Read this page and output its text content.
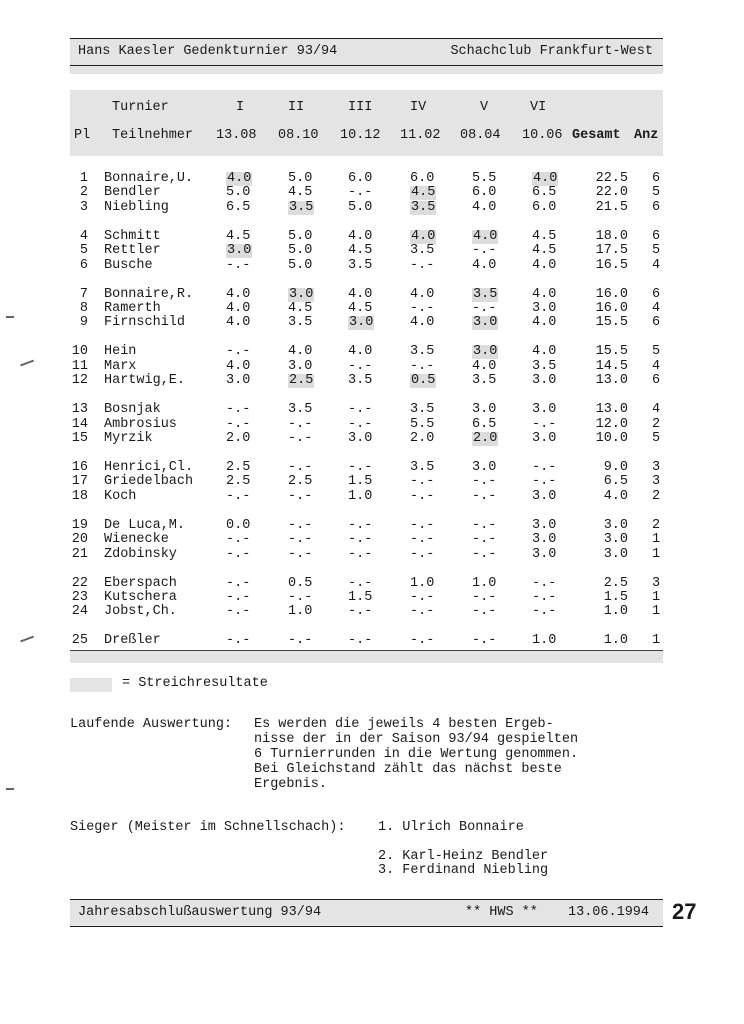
Hans Kaesler Gedenkturnier 93/94	Schachclub Frankfurt-West
Turnier	I	II	III	IV	V	VI
Pl Teilnehmer 13.08 08.10 10.12 11.02 08.04 10.06 Gesamt Anz
1 Bonnaire,U.	4.0	5.0	6.0	6.0	5.5	4.0	22.5 6
2 Bendler	5.0	4.5	-.-	4.5	6.0	6.5	22.0 5
3 Niebling	6.5	3.5	5.0	3.5	4.0	6.0	21.5 6
4 Schmitt	4.5	5.0	4.0	4.0	4.0	4.5	18.0 6
5 Rettler	3.0	5.0	4.5	3.5	-.-	4.5	17.5 5
6 Busche	-.-	5.0	3.5	-.-	4.0	4.0	16.5 4
7 Bonnaire,R. 4.0	3.0	4.0	4.0	3.5	4.0	16.0 6
8 Ramerth	4.0	4.5	4.5	-.-	-.-	3.0	16.0 4
9 Firnschild	4.0	3.5	3.0	4.0	3.0	4.0	15.5 6
10 Hein	-.-	4.0	4.0	3.5	3.0	4.0	15.5 5
11 Marx	4.0	3.0	-.-	-.-	4.0	3.5	14.5 4
12 Hartwig,E.	3.0	2.5	3.5	0.5	3.5	3.0	13.0 6
13 Bosnjak	-.-	3.5	-.-	3.5	3.0	3.0	13.0 4
14 Ambrosius	-.-	-.-	-.-	5.5	6.5	-.-	12.0 2
15 Myrzik	2.0	-.-	3.0	2.0	2.0	3.0	10.0 5
16 Henrici,Cl. 2.5	-.-	-.-	3.5	3.0	-.-	9.0 3
17 Griedelbach 2.5	2.5	1.5	-.-	-.-	-.-	6.5 3
18 Koch	-.-	-.-	1.0	-.-	-.-	3.0	4.0 2
19 De Luca,M.	0.0	-.-	-.-	-.-	-.-	3.0	3.0 2
20 Wienecke	-.-	-.-	-.-	-.-	-.-	3.0	3.0 1
21 Zdobinsky	-.-	-.-	-.-	-.-	-.-	3.0	3.0 1
22 Eberspach	-.-	0.5	-.-	1.0	1.0	-.-	2.5 3
23 Kutschera	-.-	-.-	1.5	-.-	-.-	-.-	1.5 1
24 Jobst,Ch.	-.-	1.0	-.-	-.-	-.-	-.-	1.0 1
25 Dreßler	-.-	-.-	-.-	-.-	-.-	1.0	1.0 1
= Streichresultate
Laufende Auswertung: Es werden die jeweils 4 besten Ergeb-
nisse der in der Saison 93/94 gespielten
6 Turnierrunden in die Wertung genommen.
Bei Gleichstand zählt das nächst beste
Ergebnis.
Sieger (Meister im Schnellschach): 1. Ulrich Bonnaire
2. Karl-Heinz Bendler
3. Ferdinand Niebling
Jahresabschlußauswertung 93/94	** HWS ** 13.06.1994 27
